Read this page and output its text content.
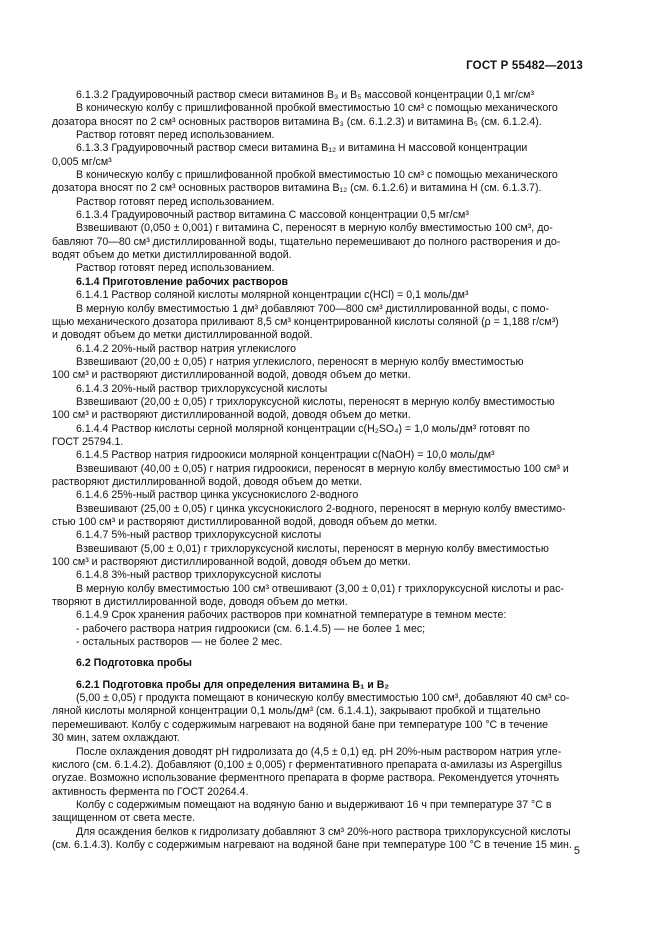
ГОСТ Р 55482—2013
6.1.3.2 Градуировочный раствор смеси витаминов В₃ и В₅ массовой концентрации 0,1 мг/см³
В коническую колбу с пришлифованной пробкой вместимостью 10 см³ с помощью механического
дозатора вносят по 2 см³ основных растворов витамина В₃ (см. 6.1.2.3) и витамина В₅ (см. 6.1.2.4).
Раствор готовят перед использованием.
6.1.3.3 Градуировочный раствор смеси витамина В₁₂ и витамина Н массовой концентрации
0,005 мг/см³
В коническую колбу с пришлифованной пробкой вместимостью 10 см³ с помощью механического
дозатора вносят по 2 см³ основных растворов витамина В₁₂ (см. 6.1.2.6) и витамина Н (см. 6.1.3.7).
Раствор готовят перед использованием.
6.1.3.4 Градуировочный раствор витамина С массовой концентрации 0,5 мг/см³
Взвешивают (0,050 ± 0,001) г витамина С, переносят в мерную колбу вместимостью 100 см³, до-
бавляют 70—80 см³ дистиллированной воды, тщательно перемешивают до полного растворения и до-
водят объем до метки дистиллированной водой.
Раствор готовят перед использованием.
6.1.4 Приготовление рабочих растворов
6.1.4.1 Раствор соляной кислоты молярной концентрации c(HCl) = 0,1 моль/дм³
В мерную колбу вместимостью 1 дм³ добавляют 700—800 см³ дистиллированной воды, с помо-
щью механического дозатора приливают 8,5 см³ концентрированной кислоты соляной (ρ = 1,188 г/см³)
и доводят объем до метки дистиллированной водой.
6.1.4.2 20%-ный раствор натрия углекислого
Взвешивают (20,00 ± 0,05) г натрия углекислого, переносят в мерную колбу вместимостью
100 см³ и растворяют дистиллированной водой, доводя объем до метки.
6.1.4.3 20%-ный раствор трихлоруксусной кислоты
Взвешивают (20,00 ± 0,05) г трихлоруксусной кислоты, переносят в мерную колбу вместимостью
100 см³ и растворяют дистиллированной водой, доводя объем до метки.
6.1.4.4 Раствор кислоты серной молярной концентрации c(H₂SO₄) = 1,0 моль/дм³ готовят по
ГОСТ 25794.1.
6.1.4.5 Раствор натрия гидроокиси молярной концентрации c(NaOH) = 10,0 моль/дм³
Взвешивают (40,00 ± 0,05) г натрия гидроокиси, переносят в мерную колбу вместимостью 100 см³ и
растворяют дистиллированной водой, доводя объем до метки.
6.1.4.6 25%-ный раствор цинка уксуснокислого 2-водного
Взвешивают (25,00 ± 0,05) г цинка уксуснокислого 2-водного, переносят в мерную колбу вместимо-
стью 100 см³ и растворяют дистиллированной водой, доводя объем до метки.
6.1.4.7 5%-ный раствор трихлоруксусной кислоты
Взвешивают (5,00 ± 0,01) г трихлоруксусной кислоты, переносят в мерную колбу вместимостью
100 см³ и растворяют дистиллированной водой, доводя объем до метки.
6.1.4.8 3%-ный раствор трихлоруксусной кислоты
В мерную колбу вместимостью 100 см³ отвешивают (3,00 ± 0,01) г трихлоруксусной кислоты и рас-
творяют в дистиллированной воде, доводя объем до метки.
6.1.4.9 Срок хранения рабочих растворов при комнатной температуре в темном месте:
- рабочего раствора натрия гидроокиси (см. 6.1.4.5) — не более 1 мес;
- остальных растворов — не более 2 мес.
6.2 Подготовка пробы
6.2.1 Подготовка пробы для определения витамина В₁ и В₂
(5,00 ± 0,05) г продукта помещают в коническую колбу вместимостью 100 см³, добавляют 40 см³ со-
ляной кислоты молярной концентрации 0,1 моль/дм³ (см. 6.1.4.1), закрывают пробкой и тщательно
перемешивают. Колбу с содержимым нагревают на водяной бане при температуре 100 °С в течение
30 мин, затем охлаждают.
После охлаждения доводят рН гидролизата до (4,5 ± 0,1) ед. рН 20%-ным раствором натрия угле-
кислого (см. 6.1.4.2). Добавляют (0,100 ± 0,005) г ферментативного препарата α-амилазы из Aspergillus
oryzae. Возможно использование ферментного препарата в форме раствора. Рекомендуется уточнять
активность фермента по ГОСТ 20264.4.
Колбу с содержимым помещают на водяную баню и выдерживают 16 ч при температуре 37 °С в
защищенном от света месте.
Для осаждения белков к гидролизату добавляют 3 см³ 20%-ного раствора трихлоруксусной кислоты
(см. 6.1.4.3). Колбу с содержимым нагревают на водяной бане при температуре 100 °С в течение 15 мин.
5
